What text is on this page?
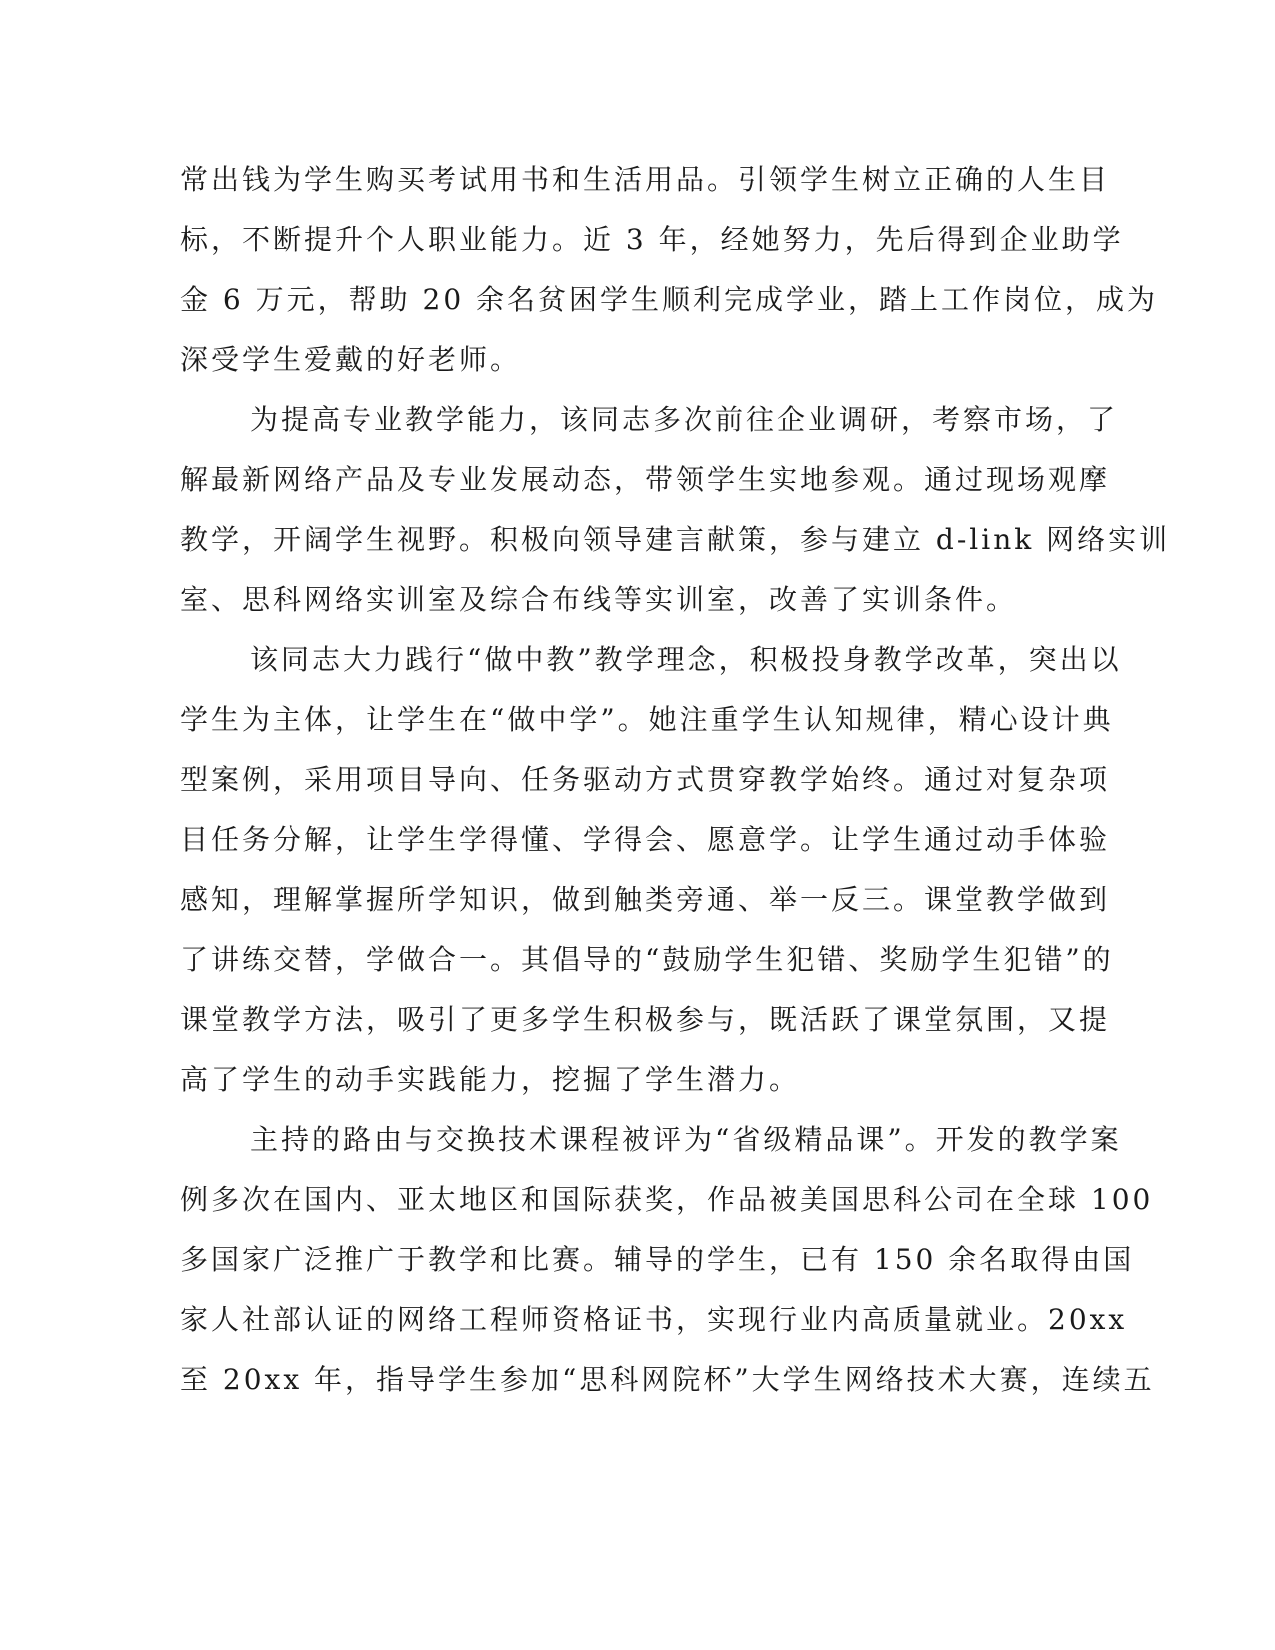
常出钱为学生购买考试用书和生活用品。引领学生树立正确的人生目
标，不断提升个人职业能力。近 3 年，经她努力，先后得到企业助学
金 6 万元，帮助 20 余名贫困学生顺利完成学业，踏上工作岗位，成为
深受学生爱戴的好老师。
为提高专业教学能力，该同志多次前往企业调研，考察市场，了
解最新网络产品及专业发展动态，带领学生实地参观。通过现场观摩
教学，开阔学生视野。积极向领导建言献策，参与建立 d-link 网络实训
室、思科网络实训室及综合布线等实训室，改善了实训条件。
该同志大力践行“做中教”教学理念，积极投身教学改革，突出以
学生为主体，让学生在“做中学”。她注重学生认知规律，精心设计典
型案例，采用项目导向、任务驱动方式贯穿教学始终。通过对复杂项
目任务分解，让学生学得懂、学得会、愿意学。让学生通过动手体验
感知，理解掌握所学知识，做到触类旁通、举一反三。课堂教学做到
了讲练交替，学做合一。其倡导的“鼓励学生犯错、奖励学生犯错”的
课堂教学方法，吸引了更多学生积极参与，既活跃了课堂氛围，又提
高了学生的动手实践能力，挖掘了学生潜力。
主持的路由与交换技术课程被评为“省级精品课”。开发的教学案
例多次在国内、亚太地区和国际获奖，作品被美国思科公司在全球 100
多国家广泛推广于教学和比赛。辅导的学生，已有 150 余名取得由国
家人社部认证的网络工程师资格证书，实现行业内高质量就业。20xx
至 20xx 年，指导学生参加“思科网院杯”大学生网络技术大赛，连续五
